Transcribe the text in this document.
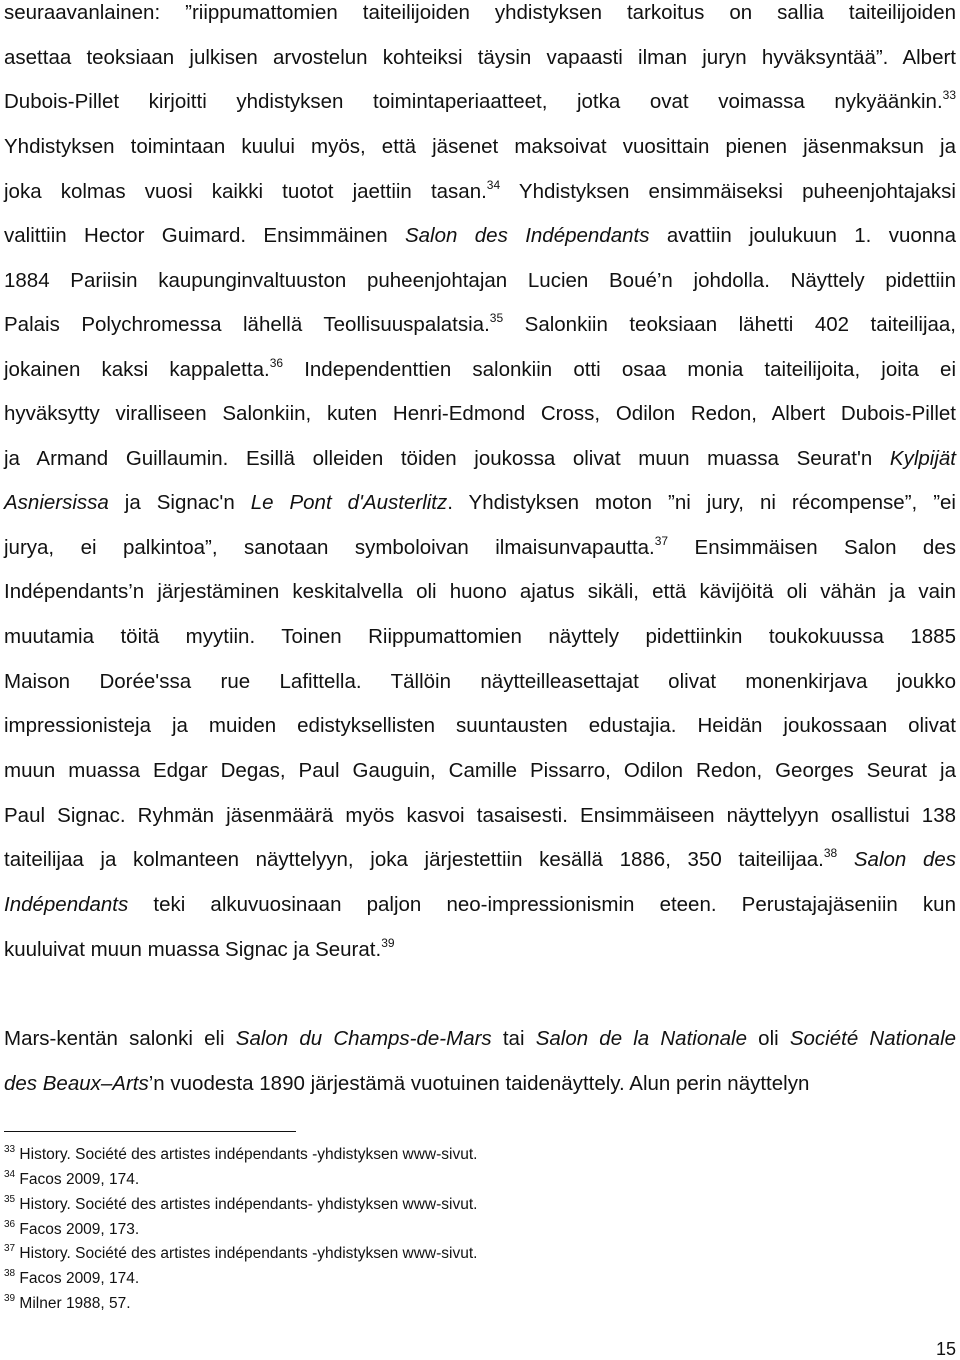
seuraavanlainen: ”riippumattomien taiteilijoiden yhdistyksen tarkoitus on sallia taiteilijoiden
asettaa teoksiaan julkisen arvostelun kohteiksi täysin vapaasti ilman juryn hyväksyntää”. Albert
Dubois-Pillet kirjoitti yhdistyksen toimintaperiaatteet, jotka ovat voimassa nykyäänkin.$^{33}$
Yhdistyksen toimintaan kuului myös, että jäsenet maksoivat vuosittain pienen jäsenmaksun ja
joka kolmas vuosi kaikki tuotot jaettiin tasan.$^{34}$ Yhdistyksen ensimmäiseksi puheenjohtajaksi
valittiin Hector Guimard. Ensimmäinen Salon des Indépendants avattiin joulukuun 1. vuonna
1884 Pariisin kaupunginvaltuuston puheenjohtajan Lucien Boué’n johdolla. Näyttely pidettiin
Palais Polychromessa lähellä Teollisuuspalatsia.$^{35}$ Salonkiin teoksiaan lähetti 402 taiteilijaa,
jokainen kaksi kappaletta.$^{36}$ Independenttien salonkiin otti osaa monia taiteilijoita, joita ei
hyväksytty viralliseen Salonkiin, kuten Henri-Edmond Cross, Odilon Redon, Albert Dubois-Pillet
ja Armand Guillaumin. Esillä olleiden töiden joukossa olivat muun muassa Seurat'n Kylpijät
Asniersissa ja Signac'n Le Pont d'Austerlitz. Yhdistyksen moton ”ni jury, ni récompense”, ”ei
jurya, ei palkintoa”, sanotaan symboloivan ilmaisunvapautta.$^{37}$ Ensimmäisen Salon des
Indépendants’n järjestäminen keskitalvella oli huono ajatus sikäli, että kävijöitä oli vähän ja vain
muutamia töitä myytiin. Toinen Riippumattomien näyttely pidettiinkin toukokuussa 1885
Maison Dorée'ssa rue Lafittella. Tällöin näytteilleasettajat olivat monenkirjava joukko
impressionisteja ja muiden edistyksellisten suuntausten edustajia. Heidän joukossaan olivat
muun muassa Edgar Degas, Paul Gauguin, Camille Pissarro, Odilon Redon, Georges Seurat ja
Paul Signac. Ryhmän jäsenmäärä myös kasvoi tasaisesti. Ensimmäiseen näyttelyyn osallistui 138
taiteilijaa ja kolmanteen näyttelyyn, joka järjestettiin kesällä 1886, 350 taiteilijaa.$^{38}$ Salon des
Indépendants teki alkuvuosinaan paljon neo-impressionismin eteen. Perustajajäseniin kun
kuuluivat muun muassa Signac ja Seurat.$^{39}$
Mars-kentän salonki eli Salon du Champs-de-Mars tai Salon de la Nationale oli Société Nationale
des Beaux–Arts’n vuodesta 1890 järjestämä vuotuinen taidenäyttely. Alun perin näyttelyn
$^{33}$ History. Société des artistes indépendants -yhdistyksen www-sivut.
$^{34}$ Facos 2009, 174.
$^{35}$ History. Société des artistes indépendants- yhdistyksen www-sivut.
$^{36}$ Facos 2009, 173.
$^{37}$ History. Société des artistes indépendants -yhdistyksen www-sivut.
$^{38}$ Facos 2009, 174.
$^{39}$ Milner 1988, 57.
15
